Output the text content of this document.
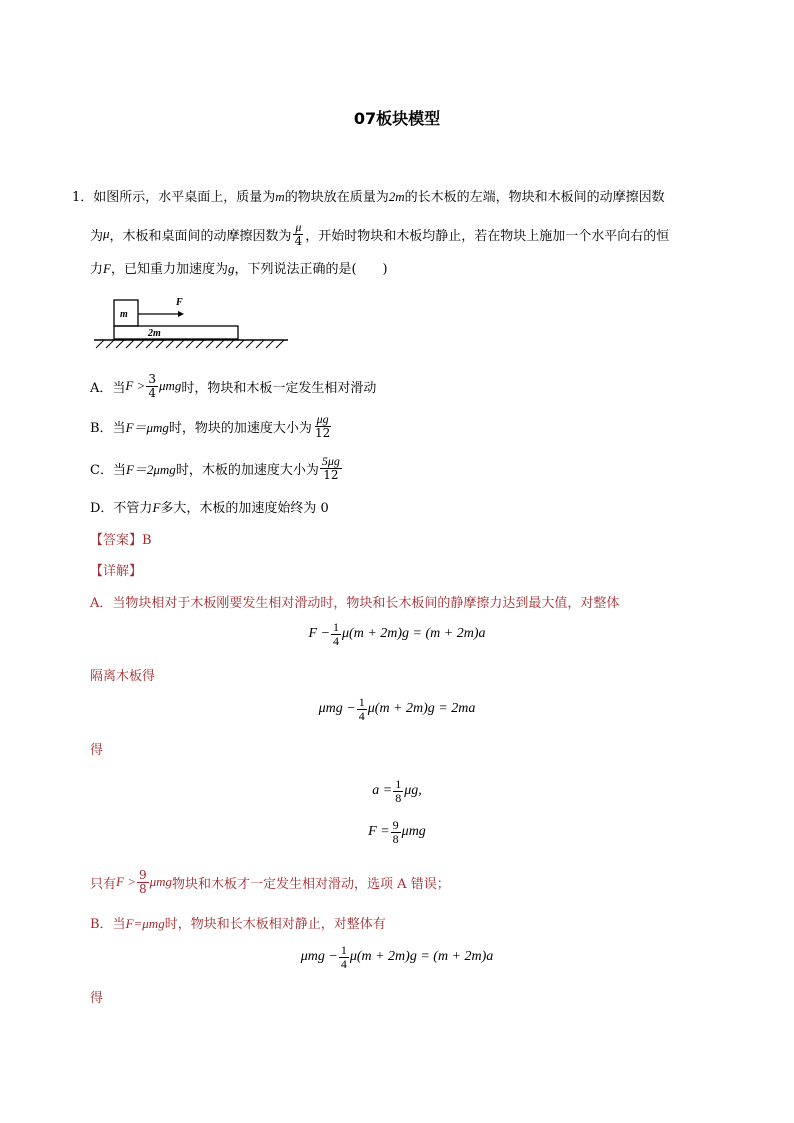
07板块模型
1．如图所示，水平桌面上，质量为m的物块放在质量为2m的长木板的左端，物块和木板间的动摩擦因数
为 μ ，木板和桌面间的动摩擦因数为 $\frac{\mu}{4}$ ，开始时物块和木板均静止，若在物块上施加一个水平向右的恒
力F，已知重力加速度为g，下列说法正确的是(　　)
m
2m
F
A．当 $F > \frac{3}{4}$ μmg 时，物块和木板一定发生相对滑动
B．当 F＝μmg 时，物块的加速度大小为 $\frac{\mu g}{12}$
C．当 F＝2μmg 时，木板的加速度大小为 $\frac{5\mu g}{12}$
D．不管力F多大，木板的加速度始终为 0
【答案】B
【详解】
A．当物块相对于木板刚要发生相对滑动时，物块和长木板间的静摩擦力达到最大值，对整体
$F - \frac{1}{4} \mu(m + 2m)g = (m + 2m)a$
隔离木板得
$\mu mg - \frac{1}{4} \mu(m + 2m)g = 2ma$
得
$a = \frac{1}{8} \mu g$,
$F = \frac{9}{8}$ μmg
只有 $F > \frac{9}{8}$ μmg 物块和木板才一定发生相对滑动，选项 A 错误；
B．当F=μmg时，物块和长木板相对静止，对整体有
$\mu mg - \frac{1}{4} \mu(m + 2m)g = (m + 2m)a$
得
